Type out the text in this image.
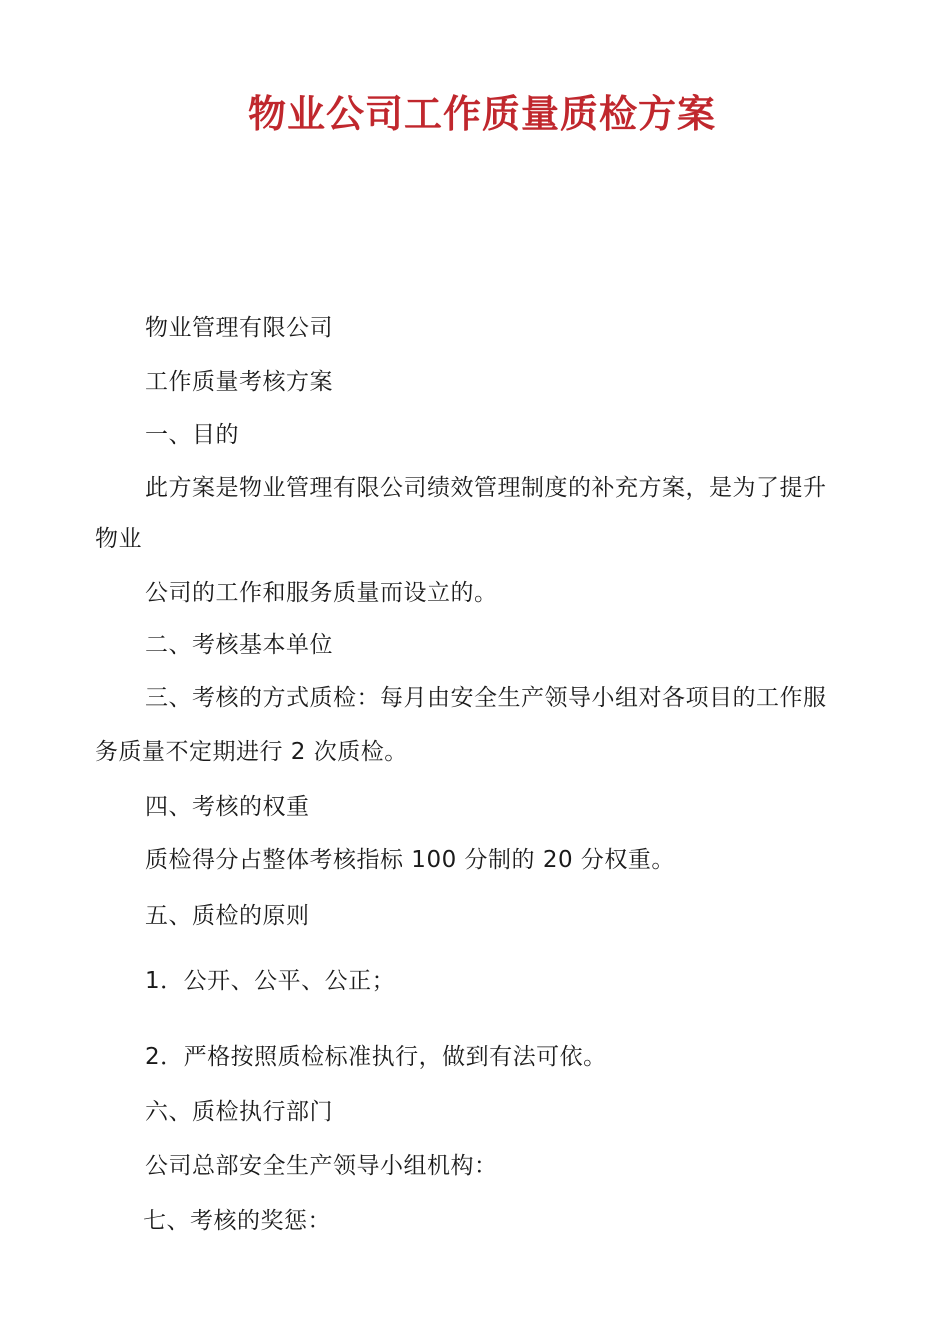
物业公司工作质量质检方案
物业管理有限公司
工作质量考核方案
一、目的
此方案是物业管理有限公司绩效管理制度的补充方案，是为了提升
物业
公司的工作和服务质量而设立的。
二、考核基本单位
三、考核的方式质检：每月由安全生产领导小组对各项目的工作服
务质量不定期进行 2 次质检。
四、考核的权重
质检得分占整体考核指标 100 分制的 20 分权重。
五、质检的原则
1．公开、公平、公正；
2．严格按照质检标准执行，做到有法可依。
六、质检执行部门
公司总部安全生产领导小组机构：
七、考核的奖惩：
